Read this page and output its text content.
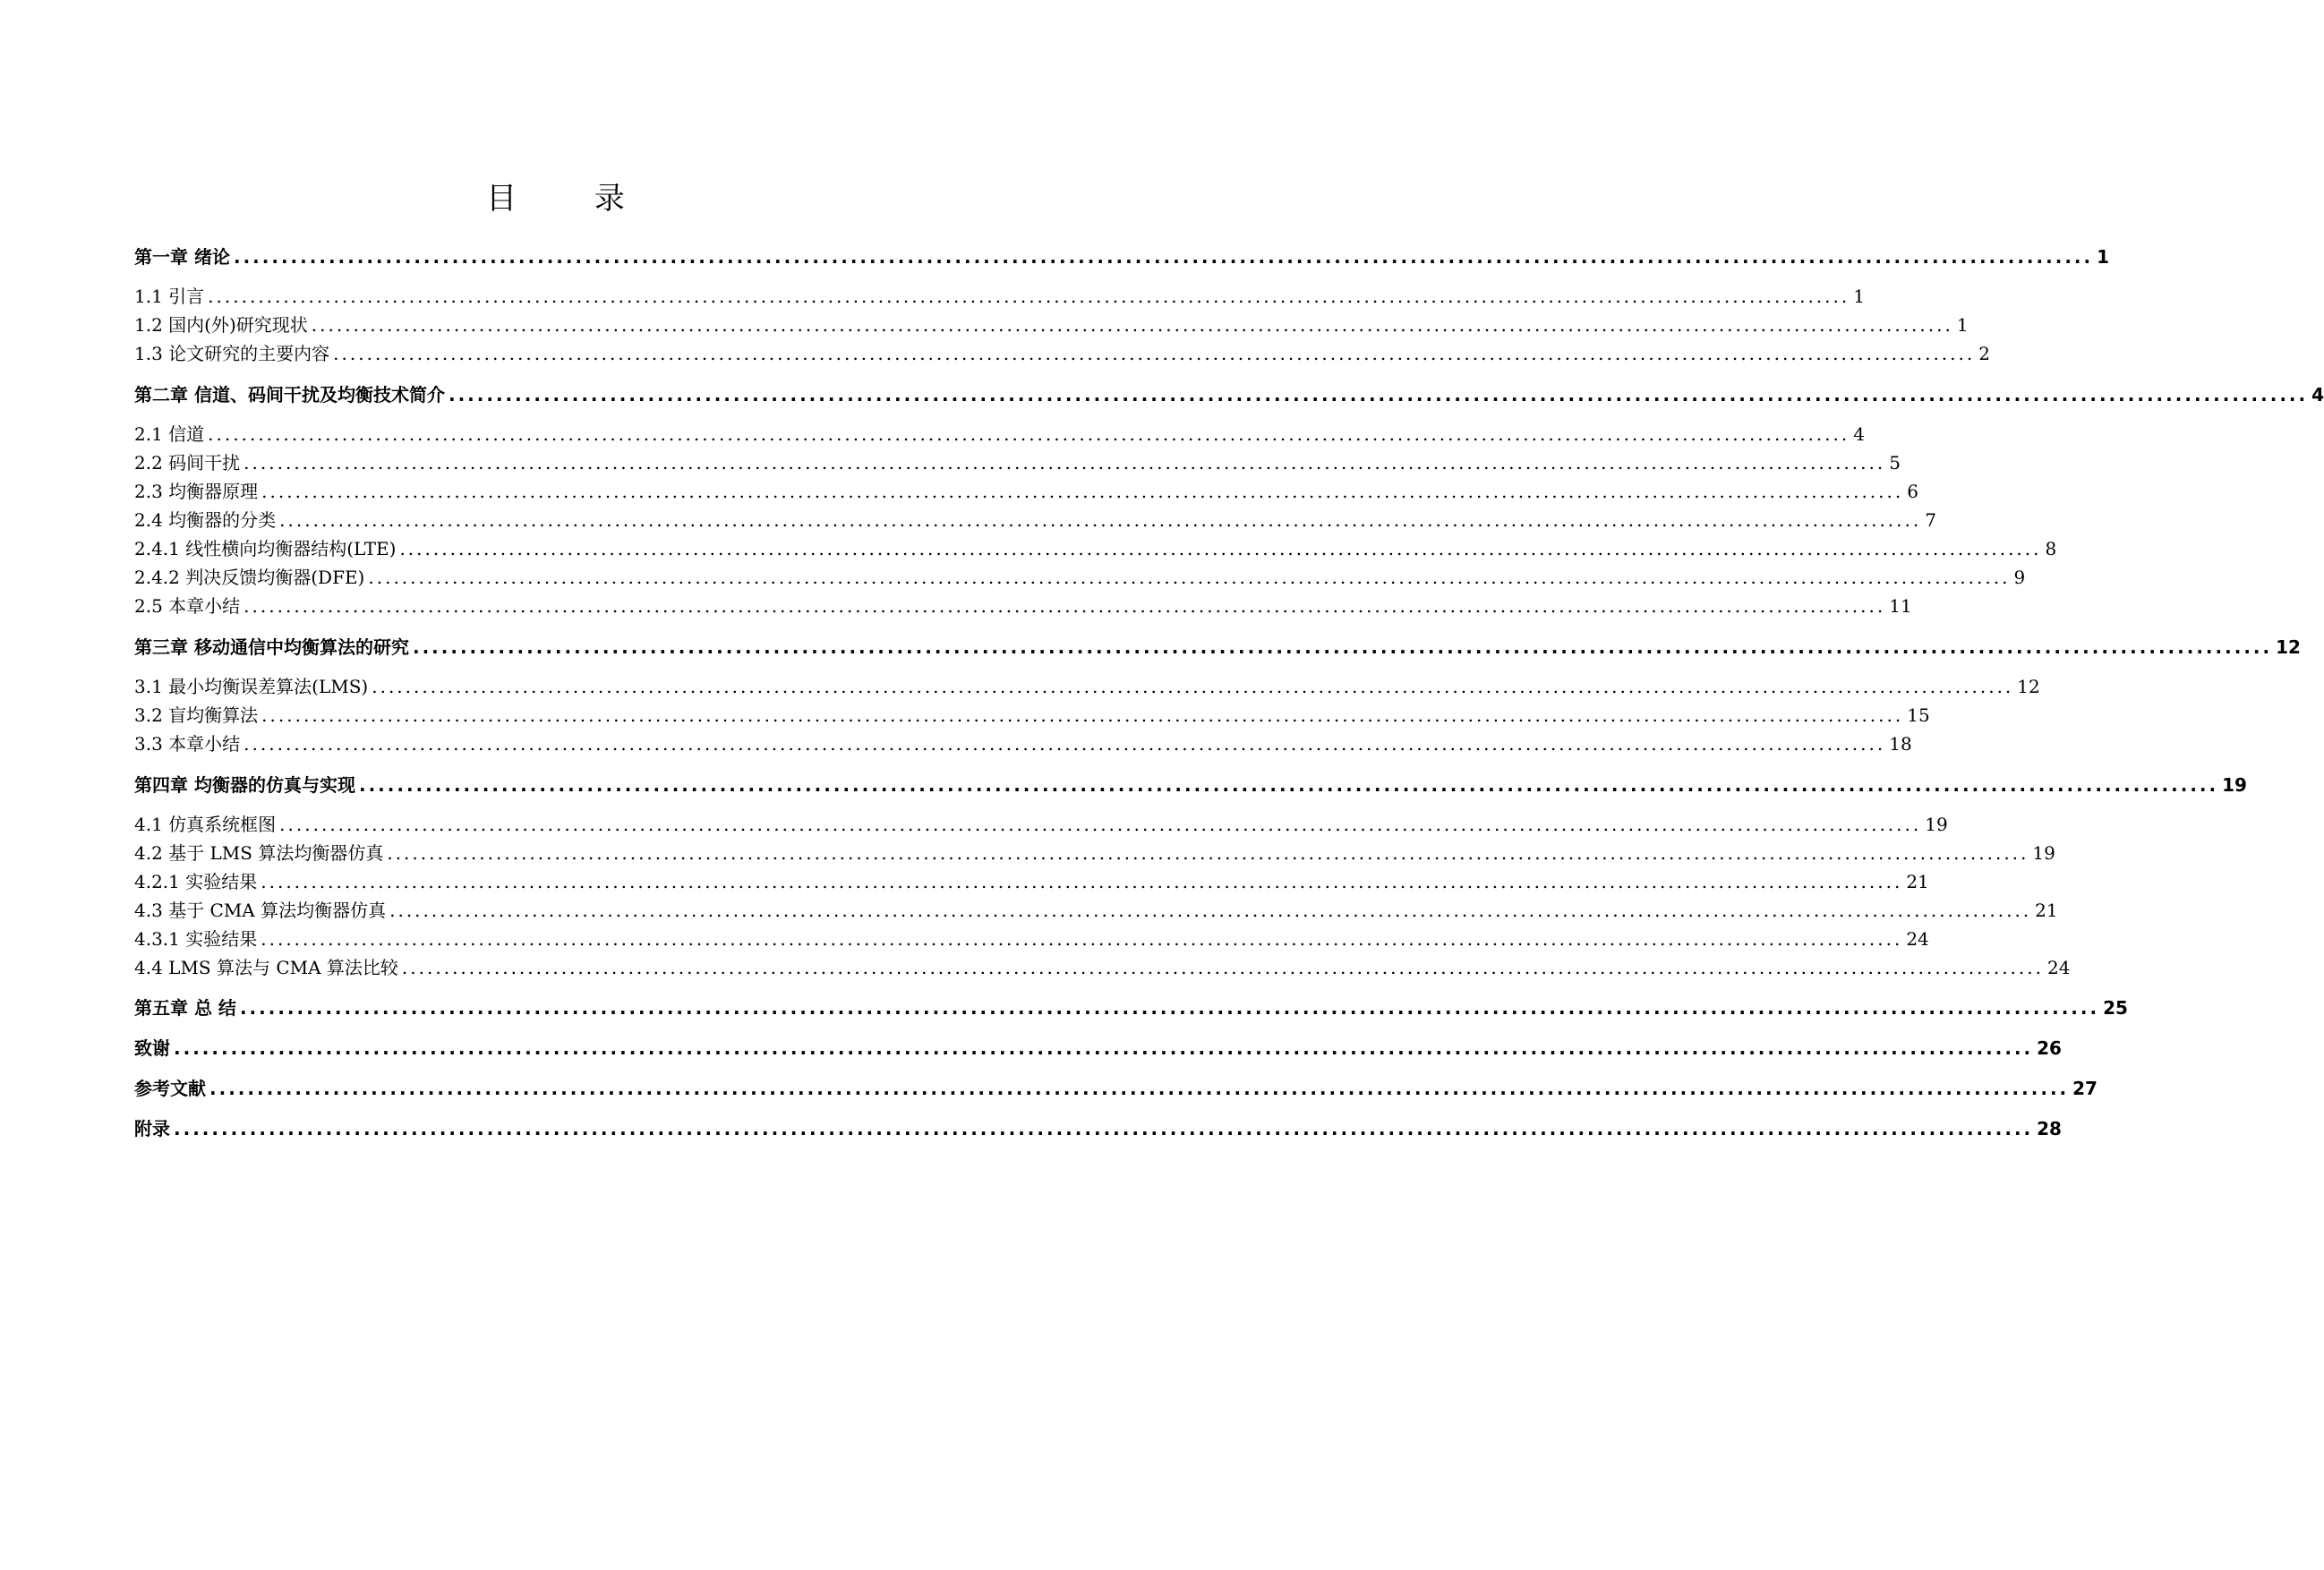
目 录
第一章 绪论 .................................................................................................................................................................................................... 1
1.1 引言 .................................................................................................................................................................................................... 1
1.2 国内(外)研究现状 .................................................................................................................................................................................................... 1
1.3 论文研究的主要内容 .................................................................................................................................................................................................... 2
第二章 信道、码间干扰及均衡技术简介 .................................................................................................................................................................................................... 4
2.1 信道 .................................................................................................................................................................................................... 4
2.2 码间干扰 .................................................................................................................................................................................................... 5
2.3 均衡器原理 .................................................................................................................................................................................................... 6
2.4 均衡器的分类 .................................................................................................................................................................................................... 7
2.4.1 线性横向均衡器结构(LTE) .................................................................................................................................................................................................... 8
2.4.2 判决反馈均衡器(DFE) .................................................................................................................................................................................................... 9
2.5 本章小结 .................................................................................................................................................................................................... 11
第三章 移动通信中均衡算法的研究 .................................................................................................................................................................................................... 12
3.1 最小均衡误差算法(LMS) .................................................................................................................................................................................................... 12
3.2 盲均衡算法 .................................................................................................................................................................................................... 15
3.3 本章小结 .................................................................................................................................................................................................... 18
第四章 均衡器的仿真与实现 .................................................................................................................................................................................................... 19
4.1 仿真系统框图 .................................................................................................................................................................................................... 19
4.2 基于 LMS 算法均衡器仿真 .................................................................................................................................................................................................... 19
4.2.1 实验结果 .................................................................................................................................................................................................... 21
4.3 基于 CMA 算法均衡器仿真 .................................................................................................................................................................................................... 21
4.3.1 实验结果 .................................................................................................................................................................................................... 24
4.4 LMS 算法与 CMA 算法比较 .................................................................................................................................................................................................... 24
第五章 总 结 .................................................................................................................................................................................................... 25
致谢 .................................................................................................................................................................................................... 26
参考文献 .................................................................................................................................................................................................... 27
附录 .................................................................................................................................................................................................... 28
